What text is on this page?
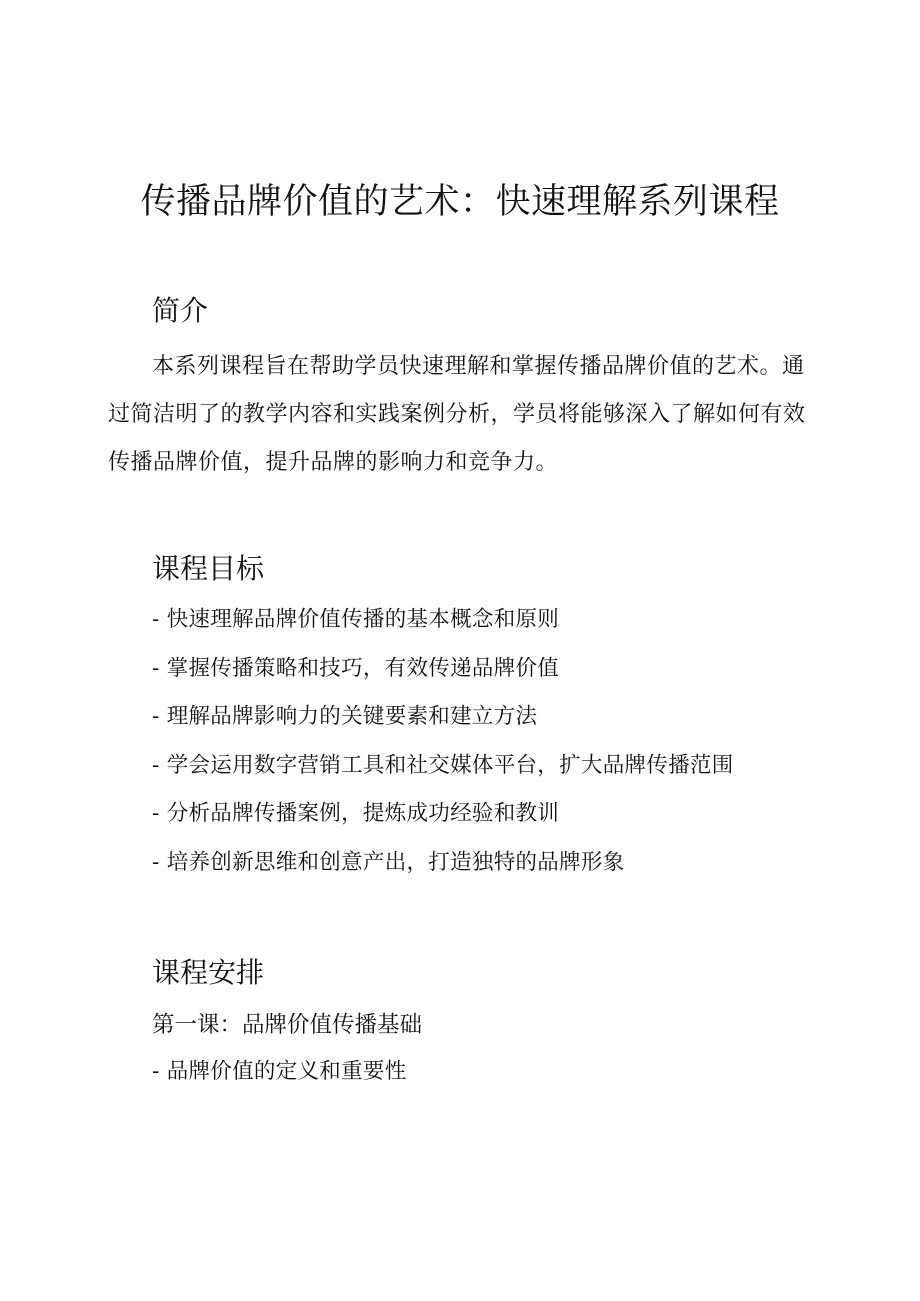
传播品牌价值的艺术：快速理解系列课程
简介

本系列课程旨在帮助学员快速理解和掌握传播品牌价值的艺术。通过简洁明了的教学内容和实践案例分析，学员将能够深入了解如何有效传播品牌价值，提升品牌的影响力和竞争力。

课程目标
- 快速理解品牌价值传播的基本概念和原则
- 掌握传播策略和技巧，有效传递品牌价值
- 理解品牌影响力的关键要素和建立方法
- 学会运用数字营销工具和社交媒体平台，扩大品牌传播范围
- 分析品牌传播案例，提炼成功经验和教训
- 培养创新思维和创意产出，打造独特的品牌形象
课程安排
第一课：品牌价值传播基础
- 品牌价值的定义和重要性
